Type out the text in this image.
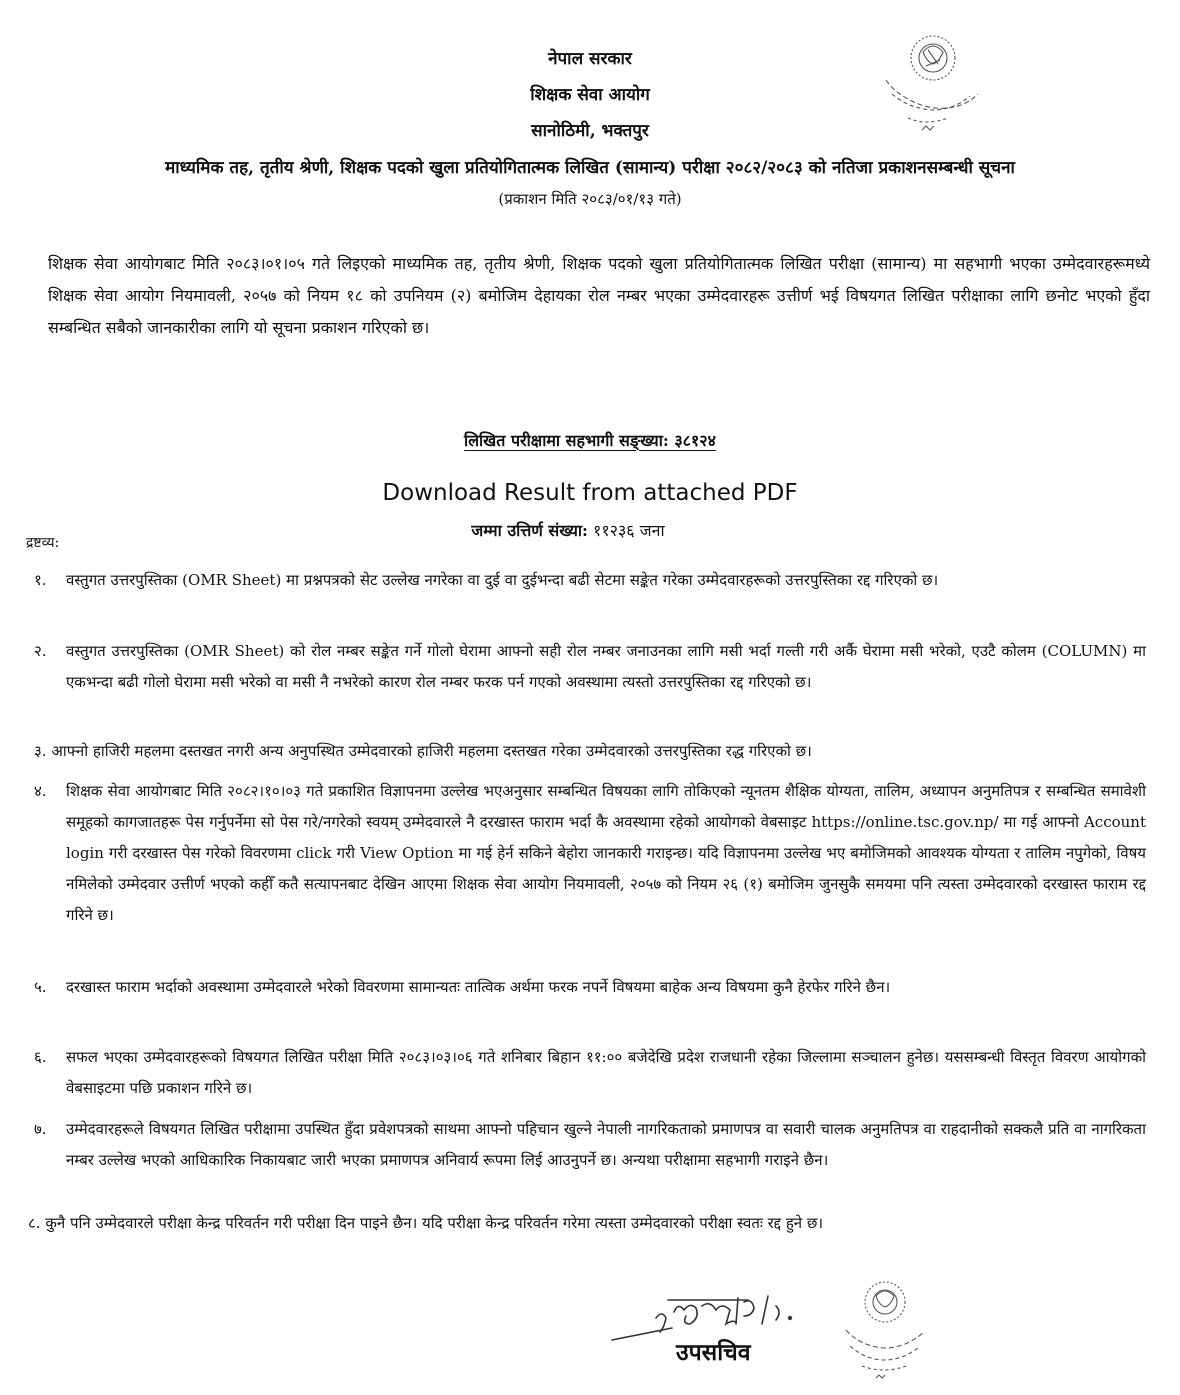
नेपाल सरकार
शिक्षक सेवा आयोग
सानोठिमी, भक्तपुर
माध्यमिक तह, तृतीय श्रेणी, शिक्षक पदको खुला प्रतियोगितात्मक लिखित (सामान्य) परीक्षा २०८२/२०८३ को नतिजा प्रकाशनसम्बन्धी सूचना
(प्रकाशन मिति २०८३/०१/१३ गते)
शिक्षक सेवा आयोगबाट मिति २०८३।०१।०५ गते लिइएको माध्यमिक तह, तृतीय श्रेणी, शिक्षक पदको खुला प्रतियोगितात्मक लिखित परीक्षा (सामान्य) मा सहभागी भएका उम्मेदवारहरूमध्ये शिक्षक सेवा आयोग नियमावली, २०५७ को नियम १८ को उपनियम (२) बमोजिम देहायका रोल नम्बर भएका उम्मेदवारहरू उत्तीर्ण भई विषयगत लिखित परीक्षाका लागि छनोट भएको हुँदा सम्बन्धित सबैको जानकारीका लागि यो सूचना प्रकाशन गरिएको छ।
लिखित परीक्षामा सहभागी सङ्ख्या: ३८१२४
Download Result from attached PDF
जम्मा उत्तिर्ण संख्या: ११२३६ जना
द्रष्टव्य:
१.	वस्तुगत उत्तरपुस्तिका (OMR Sheet) मा प्रश्नपत्रको सेट उल्लेख नगरेका वा दुई वा दुईभन्दा बढी सेटमा सङ्केत गरेका उम्मेदवारहरूको उत्तरपुस्तिका रद्द गरिएको छ।
२.	वस्तुगत उत्तरपुस्तिका (OMR Sheet) को रोल नम्बर सङ्केत गर्ने गोलो घेरामा आफ्नो सही रोल नम्बर जनाउनका लागि मसी भर्दा गल्ती गरी अर्कै घेरामा मसी भरेको, एउटै कोलम (COLUMN) मा एकभन्दा बढी गोलो घेरामा मसी भरेको वा मसी नै नभरेको कारण रोल नम्बर फरक पर्न गएको अवस्थामा त्यस्तो उत्तरपुस्तिका रद्द गरिएको छ।
३. आफ्नो हाजिरी महलमा दस्तखत नगरी अन्य अनुपस्थित उम्मेदवारको हाजिरी महलमा दस्तखत गरेका उम्मेदवारको उत्तरपुस्तिका रद्ध गरिएको छ।
४.	शिक्षक सेवा आयोगबाट मिति २०८२।१०।०३ गते प्रकाशित विज्ञापनमा उल्लेख भएअनुसार सम्बन्धित विषयका लागि तोकिएको न्यूनतम शैक्षिक योग्यता, तालिम, अध्यापन अनुमतिपत्र र सम्बन्धित समावेशी समूहको कागजातहरू पेस गर्नुपर्नेमा सो पेस गरे/नगरेको स्वयम् उम्मेदवारले नै दरखास्त फाराम भर्दा कै अवस्थामा रहेको आयोगको वेबसाइट https://online.tsc.gov.np/ मा गई आफ्नो Account login गरी दरखास्त पेस गरेको विवरणमा click गरी View Option मा गई हेर्न सकिने बेहोरा जानकारी गराइन्छ। यदि विज्ञापनमा उल्लेख भए बमोजिमको आवश्यक योग्यता र तालिम नपुगेको, विषय नमिलेको उम्मेदवार उत्तीर्ण भएको कहीँ कतै सत्यापनबाट देखिन आएमा शिक्षक सेवा आयोग नियमावली, २०५७ को नियम २६ (१) बमोजिम जुनसुकै समयमा पनि त्यस्ता उम्मेदवारको दरखास्त फाराम रद्द गरिने छ।
५.	दरखास्त फाराम भर्दाको अवस्थामा उम्मेदवारले भरेको विवरणमा सामान्यतः तात्विक अर्थमा फरक नपर्ने विषयमा बाहेक अन्य विषयमा कुनै हेरफेर गरिने छैन।
६.	सफल भएका उम्मेदवारहरूको विषयगत लिखित परीक्षा मिति २०८३।०३।०६ गते शनिबार बिहान ११:०० बजेदेखि प्रदेश राजधानी रहेका जिल्लामा सञ्चालन हुनेछ। यससम्बन्धी विस्तृत विवरण आयोगको वेबसाइटमा पछि प्रकाशन गरिने छ।
७.	उम्मेदवारहरूले विषयगत लिखित परीक्षामा उपस्थित हुँदा प्रवेशपत्रको साथमा आफ्नो पहिचान खुल्ने नेपाली नागरिकताको प्रमाणपत्र वा सवारी चालक अनुमतिपत्र वा राहदानीको सक्कलै प्रति वा नागरिकता नम्बर उल्लेख भएको आधिकारिक निकायबाट जारी भएका प्रमाणपत्र अनिवार्य रूपमा लिई आउनुपर्ने छ। अन्यथा परीक्षामा सहभागी गराइने छैन।
८. कुनै पनि उम्मेदवारले परीक्षा केन्द्र परिवर्तन गरी परीक्षा दिन पाइने छैन। यदि परीक्षा केन्द्र परिवर्तन गरेमा त्यस्ता उम्मेदवारको परीक्षा स्वतः रद्द हुने छ।
उपसचिव
